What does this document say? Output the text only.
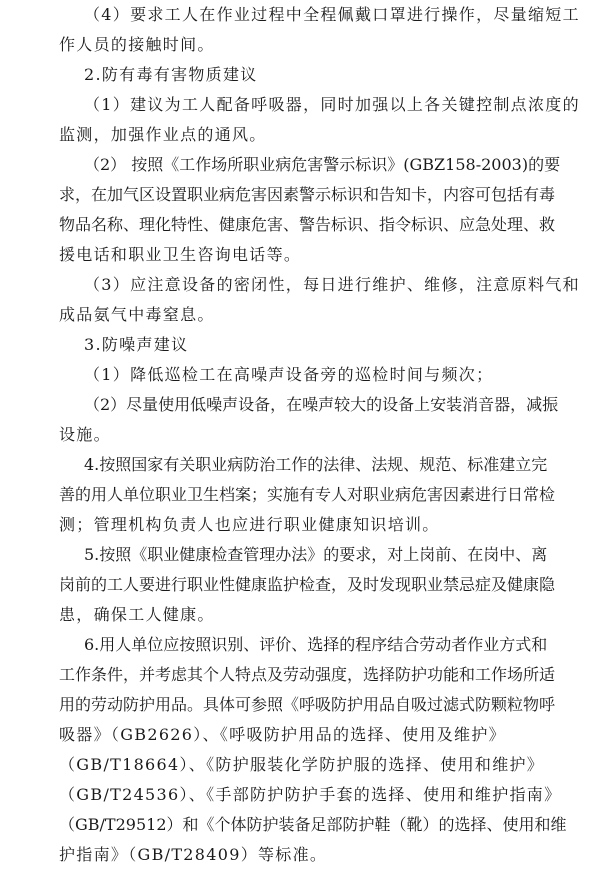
（4）要求工人在作业过程中全程佩戴口罩进行操作，尽量缩短工
作人员的接触时间。
2.防有毒有害物质建议
（1）建议为工人配备呼吸器，同时加强以上各关键控制点浓度的
监测，加强作业点的通风。
（2） 按照《工作场所职业病危害警示标识》(GBZ158-2003)的要
求，在加气区设置职业病危害因素警示标识和告知卡，内容可包括有毒
物品名称、理化特性、健康危害、警告标识、指令标识、应急处理、救
援电话和职业卫生咨询电话等。
（3）应注意设备的密闭性，每日进行维护、维修，注意原料气和
成品氨气中毒窒息。
3.防噪声建议
（1）降低巡检工在高噪声设备旁的巡检时间与频次；
（2）尽量使用低噪声设备，在噪声较大的设备上安装消音器，减振
设施。
4.按照国家有关职业病防治工作的法律、法规、规范、标准建立完
善的用人单位职业卫生档案；实施有专人对职业病危害因素进行日常检
测；管理机构负责人也应进行职业健康知识培训。
5.按照《职业健康检查管理办法》的要求，对上岗前、在岗中、离
岗前的工人要进行职业性健康监护检查，及时发现职业禁忌症及健康隐
患，确保工人健康。
6.用人单位应按照识别、评价、选择的程序结合劳动者作业方式和
工作条件，并考虑其个人特点及劳动强度，选择防护功能和工作场所适
用的劳动防护用品。具体可参照《呼吸防护用品自吸过滤式防颗粒物呼
吸器》（GB2626）、《呼吸防护用品的选择、使用及维护》
（GB/T18664）、《防护服装化学防护服的选择、使用和维护》
（GB/T24536）、《手部防护防护手套的选择、使用和维护指南》
（GB/T29512）和《个体防护装备足部防护鞋（靴）的选择、使用和维
护指南》（GB/T28409）等标准。
